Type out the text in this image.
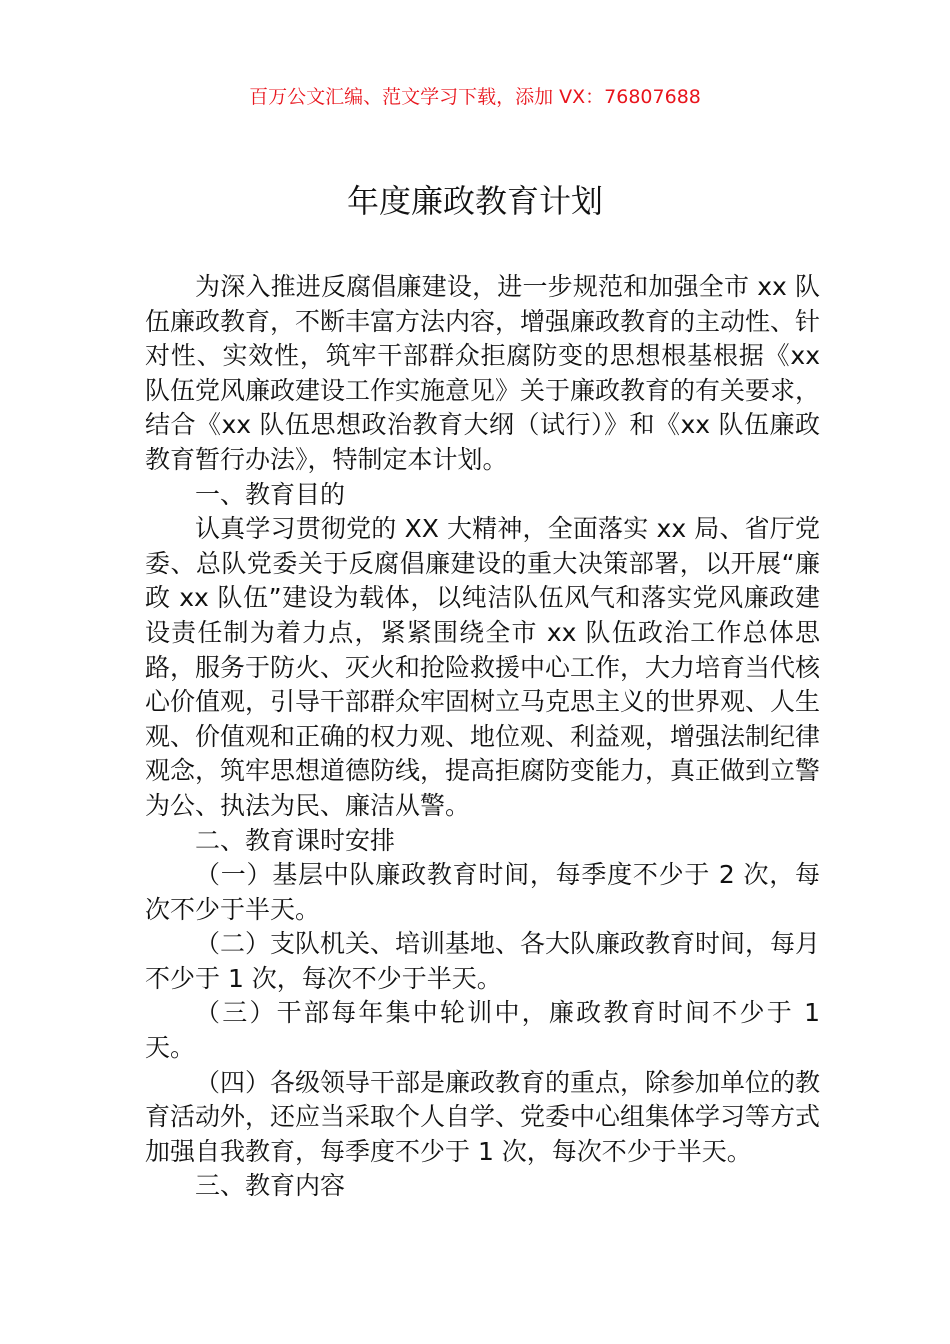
百万公文汇编、范文学习下载，添加 VX：76807688
年度廉政教育计划

为深入推进反腐倡廉建设，进一步规范和加强全市 xx 队伍廉政教育，不断丰富方法内容，增强廉政教育的主动性、针对性、实效性，筑牢干部群众拒腐防变的思想根基根据《xx 队伍党风廉政建设工作实施意见》关于廉政教育的有关要求，结合《xx 队伍思想政治教育大纲（试行）》和《xx 队伍廉政教育暂行办法》，特制定本计划。

一、教育目的

认真学习贯彻党的 XX 大精神，全面落实 xx 局、省厅党委、总队党委关于反腐倡廉建设的重大决策部署，以开展“廉政 xx 队伍”建设为载体，以纯洁队伍风气和落实党风廉政建设责任制为着力点，紧紧围绕全市 xx 队伍政治工作总体思路，服务于防火、灭火和抢险救援中心工作，大力培育当代核心价值观，引导干部群众牢固树立马克思主义的世界观、人生观、价值观和正确的权力观、地位观、利益观，增强法制纪律观念，筑牢思想道德防线，提高拒腐防变能力，真正做到立警为公、执法为民、廉洁从警。

二、教育课时安排

（一）基层中队廉政教育时间，每季度不少于 2 次，每次不少于半天。

（二）支队机关、培训基地、各大队廉政教育时间，每月不少于 1 次，每次不少于半天。

（三）干部每年集中轮训中，廉政教育时间不少于 1 天。

（四）各级领导干部是廉政教育的重点，除参加单位的教育活动外，还应当采取个人自学、党委中心组集体学习等方式加强自我教育，每季度不少于 1 次，每次不少于半天。

三、教育内容
